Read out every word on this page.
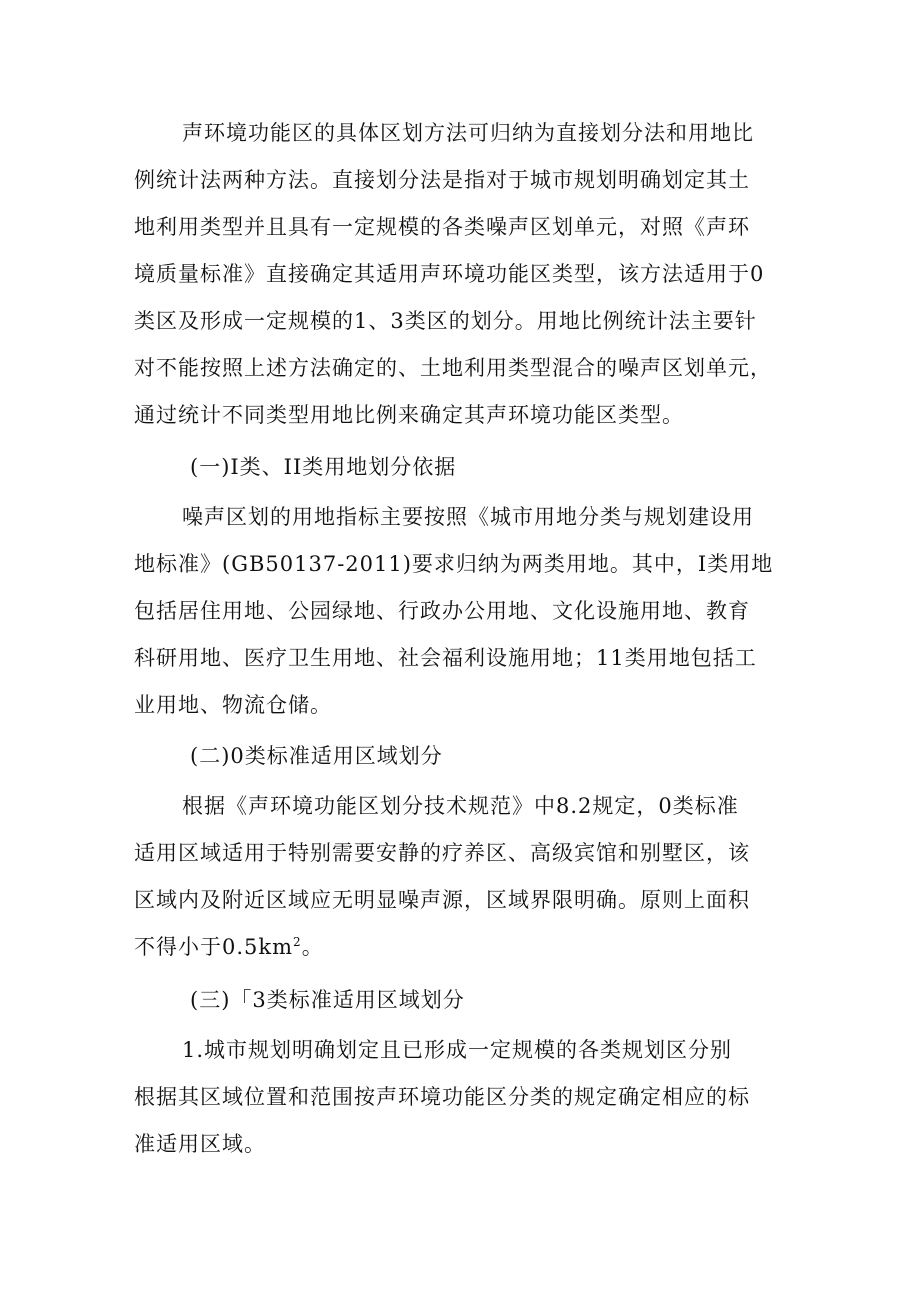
声环境功能区的具体区划方法可归纳为直接划分法和用地比
例统计法两种方法。直接划分法是指对于城市规划明确划定其土
地利用类型并且具有一定规模的各类噪声区划单元，对照《声环
境质量标准》直接确定其适用声环境功能区类型，该方法适用于0
类区及形成一定规模的1、3类区的划分。用地比例统计法主要针
对不能按照上述方法确定的、土地利用类型混合的噪声区划单元，
通过统计不同类型用地比例来确定其声环境功能区类型。
(一)I类、II类用地划分依据
噪声区划的用地指标主要按照《城市用地分类与规划建设用
地标准》(GB50137-2011)要求归纳为两类用地。其中，I类用地
包括居住用地、公园绿地、行政办公用地、文化设施用地、教育
科研用地、医疗卫生用地、社会福利设施用地；11类用地包括工
业用地、物流仓储。
(二)0类标准适用区域划分
根据《声环境功能区划分技术规范》中8.2规定，0类标准
适用区域适用于特别需要安静的疗养区、高级宾馆和别墅区，该
区域内及附近区域应无明显噪声源，区域界限明确。原则上面积
不得小于$0.5km^2$。
(三)「3类标准适用区域划分
1.城市规划明确划定且已形成一定规模的各类规划区分别
根据其区域位置和范围按声环境功能区分类的规定确定相应的标
准适用区域。
